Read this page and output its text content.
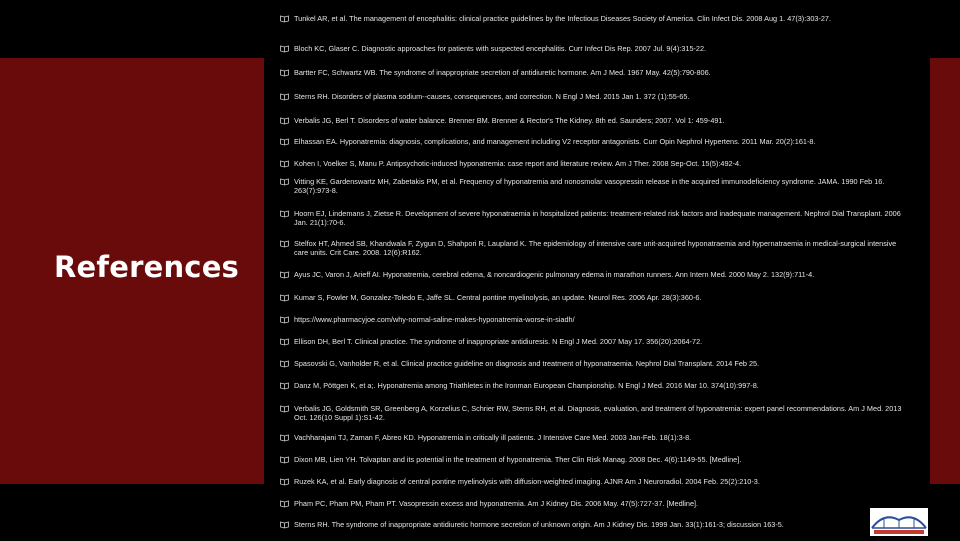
References
Tunkel AR, et al. The management of encephalitis: clinical practice guidelines by the Infectious Diseases Society of America. Clin Infect Dis. 2008 Aug 1. 47(3):303-27.
Bloch KC, Glaser C. Diagnostic approaches for patients with suspected encephalitis. Curr Infect Dis Rep. 2007 Jul. 9(4):315-22.
Bartter FC, Schwartz WB. The syndrome of inappropriate secretion of antidiuretic hormone. Am J Med. 1967 May. 42(5):790-806.
Sterns RH. Disorders of plasma sodium--causes, consequences, and correction. N Engl J Med. 2015 Jan 1. 372 (1):55-65.
Verbalis JG, Berl T. Disorders of water balance. Brenner BM. Brenner & Rector's The Kidney. 8th ed. Saunders; 2007. Vol 1: 459-491.
Elhassan EA. Hyponatremia: diagnosis, complications, and management including V2 receptor antagonists. Curr Opin Nephrol Hypertens. 2011 Mar. 20(2):161-8.
Kohen I, Voelker S, Manu P. Antipsychotic-induced hyponatremia: case report and literature review. Am J Ther. 2008 Sep-Oct. 15(5):492-4.
Vitting KE, Gardenswartz MH, Zabetakis PM, et al. Frequency of hyponatremia and nonosmolar vasopressin release in the acquired immunodeficiency syndrome. JAMA. 1990 Feb 16. 263(7):973-8.
Hoorn EJ, Lindemans J, Zietse R. Development of severe hyponatraemia in hospitalized patients: treatment-related risk factors and inadequate management. Nephrol Dial Transplant. 2006 Jan. 21(1):70-6.
Stelfox HT, Ahmed SB, Khandwala F, Zygun D, Shahpori R, Laupland K. The epidemiology of intensive care unit-acquired hyponatraemia and hypernatraemia in medical-surgical intensive care units. Crit Care. 2008. 12(6):R162.
Ayus JC, Varon J, Arieff AI. Hyponatremia, cerebral edema, & noncardiogenic pulmonary edema in marathon runners. Ann Intern Med. 2000 May 2. 132(9):711-4.
Kumar S, Fowler M, Gonzalez-Toledo E, Jaffe SL. Central pontine myelinolysis, an update. Neurol Res. 2006 Apr. 28(3):360-6.
https://www.pharmacyjoe.com/why-normal-saline-makes-hyponatremia-worse-in-siadh/
Ellison DH, Berl T. Clinical practice. The syndrome of inappropriate antidiuresis. N Engl J Med. 2007 May 17. 356(20):2064-72.
Spasovski G, Vanholder R, et al. Clinical practice guideline on diagnosis and treatment of hyponatraemia. Nephrol Dial Transplant. 2014 Feb 25.
Danz M, Pöttgen K, et a;. Hyponatremia among Triathletes in the Ironman European Championship. N Engl J Med. 2016 Mar 10. 374(10):997-8.
Verbalis JG, Goldsmith SR, Greenberg A, Korzelius C, Schrier RW, Sterns RH, et al. Diagnosis, evaluation, and treatment of hyponatremia: expert panel recommendations. Am J Med. 2013 Oct. 126(10 Suppl 1):S1-42.
Vachharajani TJ, Zaman F, Abreo KD. Hyponatremia in critically ill patients. J Intensive Care Med. 2003 Jan-Feb. 18(1):3-8.
Dixon MB, Lien YH. Tolvaptan and its potential in the treatment of hyponatremia. Ther Clin Risk Manag. 2008 Dec. 4(6):1149-55. [Medline].
Ruzek KA, et al. Early diagnosis of central pontine myelinolysis with diffusion-weighted imaging. AJNR Am J Neuroradiol. 2004 Feb. 25(2):210-3.
Pham PC, Pham PM, Pham PT. Vasopressin excess and hyponatremia. Am J Kidney Dis. 2006 May. 47(5):727-37. [Medline].
Sterns RH. The syndrome of inappropriate antidiuretic hormone secretion of unknown origin. Am J Kidney Dis. 1999 Jan. 33(1):161-3; discussion 163-5.
